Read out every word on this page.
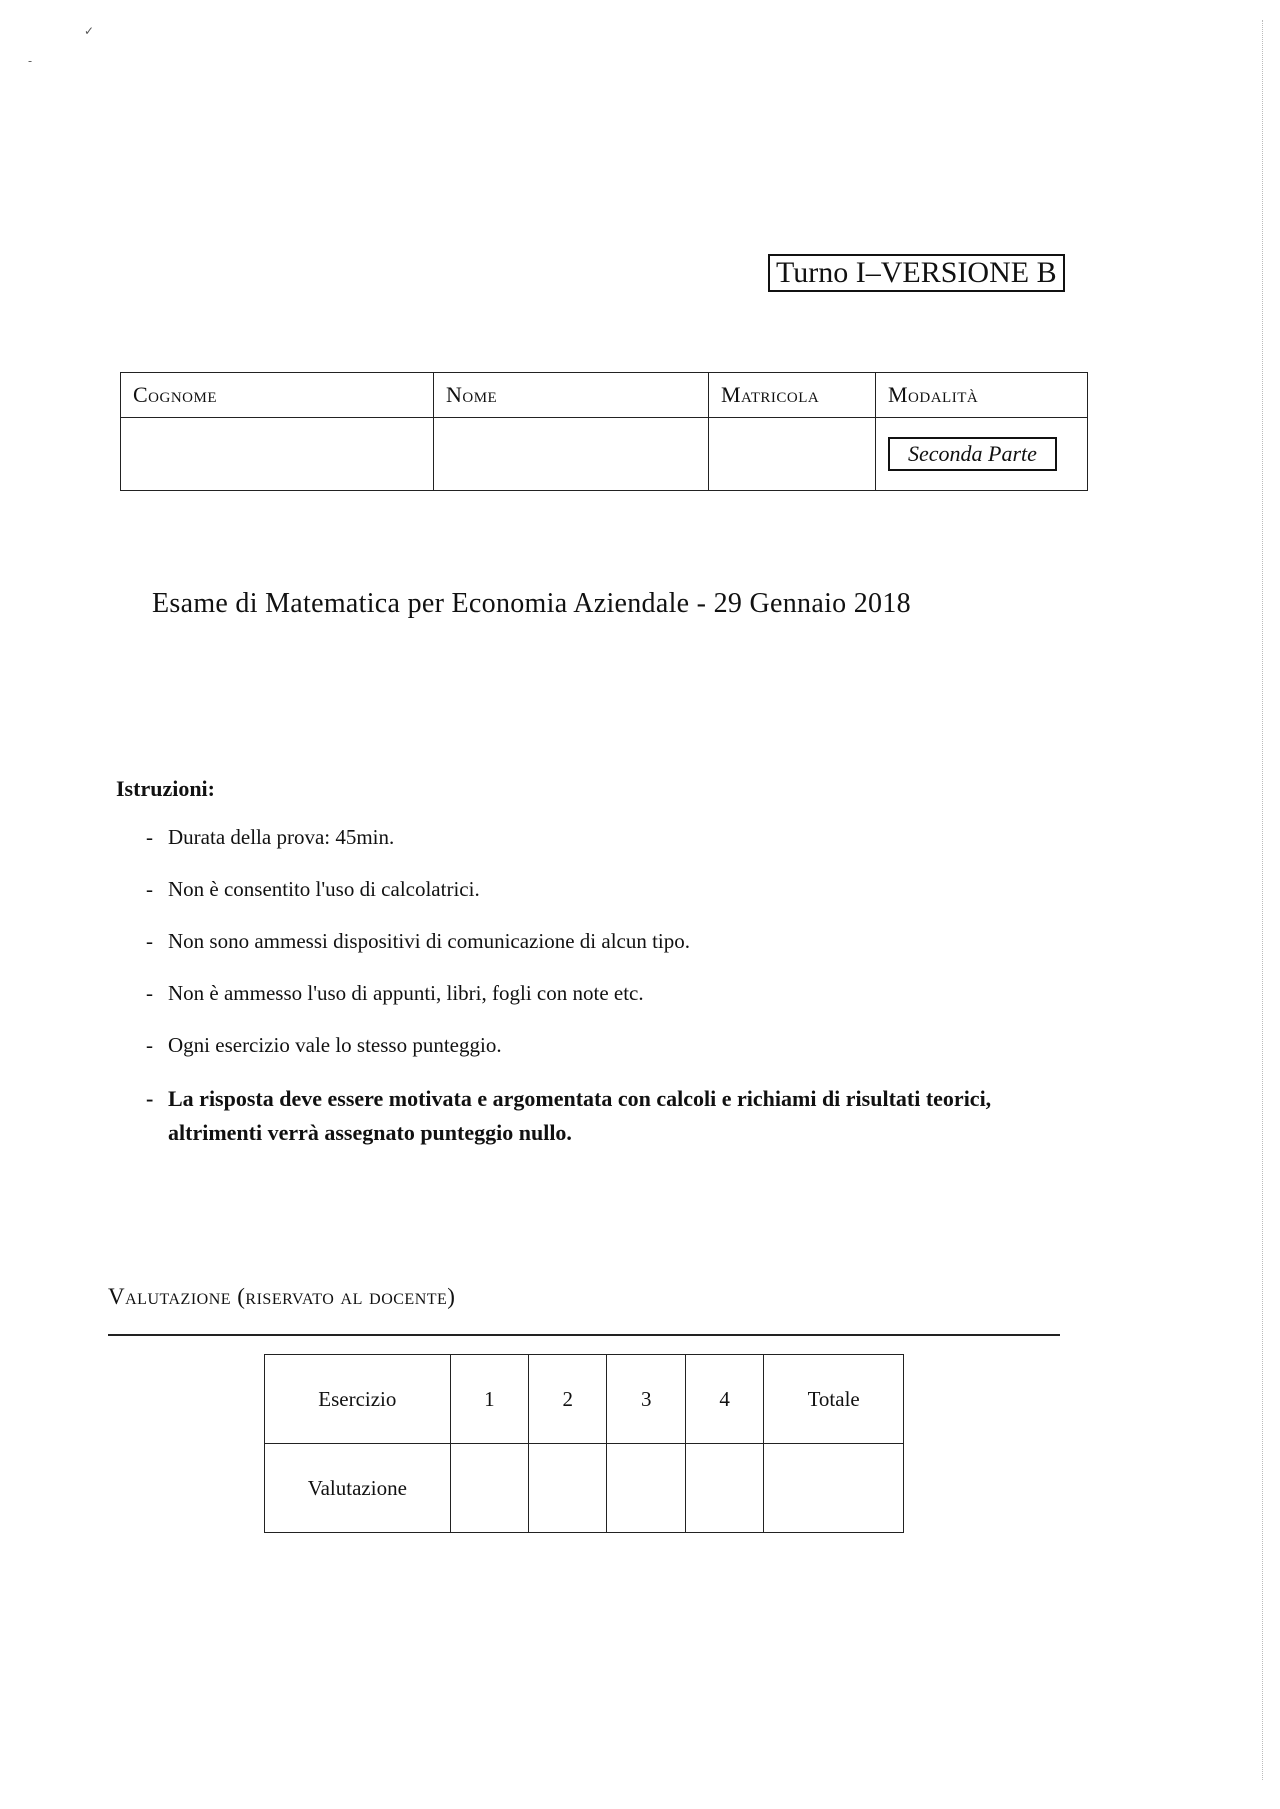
✓
-
Turno I–VERSIONE B
Cognome	Nome	Matricola	Modalità
			Seconda Parte
Esame di Matematica per Economia Aziendale - 29 Gennaio 2018
Istruzioni:
- Durata della prova: 45min.
- Non è consentito l'uso di calcolatrici.
- Non sono ammessi dispositivi di comunicazione di alcun tipo.
- Non è ammesso l'uso di appunti, libri, fogli con note etc.
- Ogni esercizio vale lo stesso punteggio.
- La risposta deve essere motivata e argomentata con calcoli e richiami di risultati teorici, altrimenti verrà assegnato punteggio nullo.
Valutazione (riservato al docente)
Esercizio	1	2	3	4	Totale
Valutazione					
